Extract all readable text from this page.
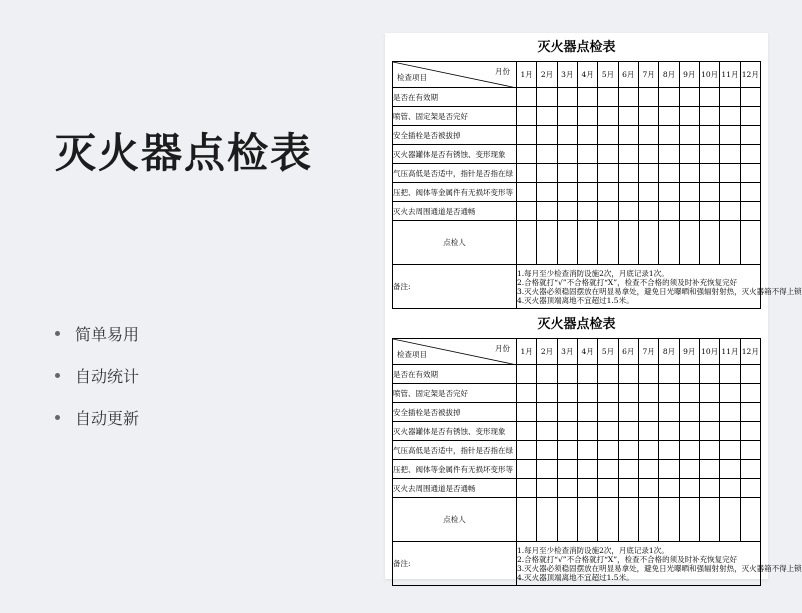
灭火器点检表
简单易用
自动统计
自动更新
灭火器点检表
检查项目
月份	1月	2月	3月	4月	5月	6月	7月	8月	9月	10月	11月	12月
是否在有效期												
喷管、固定架是否完好												
安全插栓是否被拔掉												
灭火器罐体是否有锈蚀、变形现象												
气压高低是否适中，指针是否指在绿												
压把、阀体等金属件有无损坏变形等												
灭火去周围通道是否通畅												
点检人												
备注:	1.每月至少检查消防设施2次，月底记录1次。
2.合格就打“√”不合格就打“X”，检查不合格的须及时补充恢复完好
3.灭火器必须稳固摆放在明显易拿处，避免日光曝晒和强辐射射热，灭火器箱不得上锁
4.灭火器顶端离地不宜超过1.5米。											
灭火器点检表
检查项目
月份	1月	2月	3月	4月	5月	6月	7月	8月	9月	10月	11月	12月
是否在有效期												
喷管、固定架是否完好												
安全插栓是否被拔掉												
灭火器罐体是否有锈蚀、变形现象												
气压高低是否适中，指针是否指在绿												
压把、阀体等金属件有无损坏变形等												
灭火去周围通道是否通畅												
点检人												
备注:	1.每月至少检查消防设施2次，月底记录1次。
2.合格就打“√”不合格就打“X”，检查不合格的须及时补充恢复完好
3.灭火器必须稳固摆放在明显易拿处，避免日光曝晒和强辐射射热，灭火器箱不得上锁
4.灭火器顶端离地不宜超过1.5米。											
